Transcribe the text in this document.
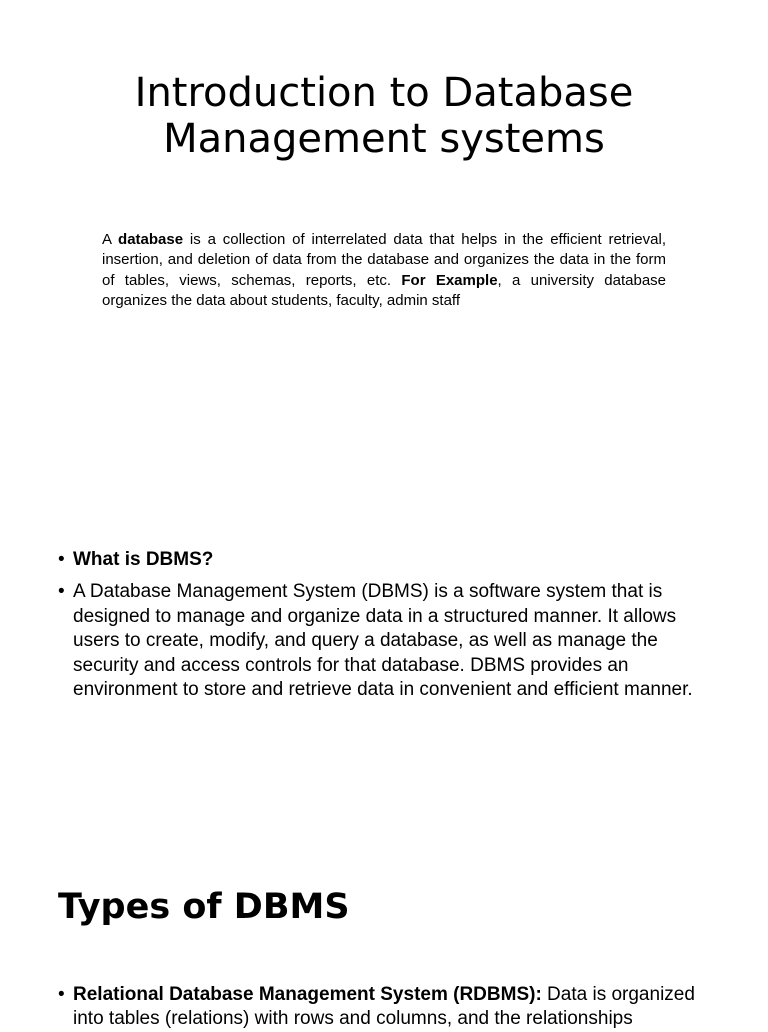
Introduction to Database
Management systems

A database is a collection of interrelated data that helps in the efficient retrieval, insertion, and deletion of data from the database and organizes the data in the form of tables, views, schemas, reports, etc. For Example, a university database organizes the data about students, faculty, admin staff

• What is DBMS?
• A Database Management System (DBMS) is a software system that is designed to manage and organize data in a structured manner. It allows users to create, modify, and query a database, as well as manage the security and access controls for that database. DBMS provides an environment to store and retrieve data in convenient and efficient manner.
Types of DBMS
• Relational Database Management System (RDBMS): Data is organized into tables (relations) with rows and columns, and the relationships
